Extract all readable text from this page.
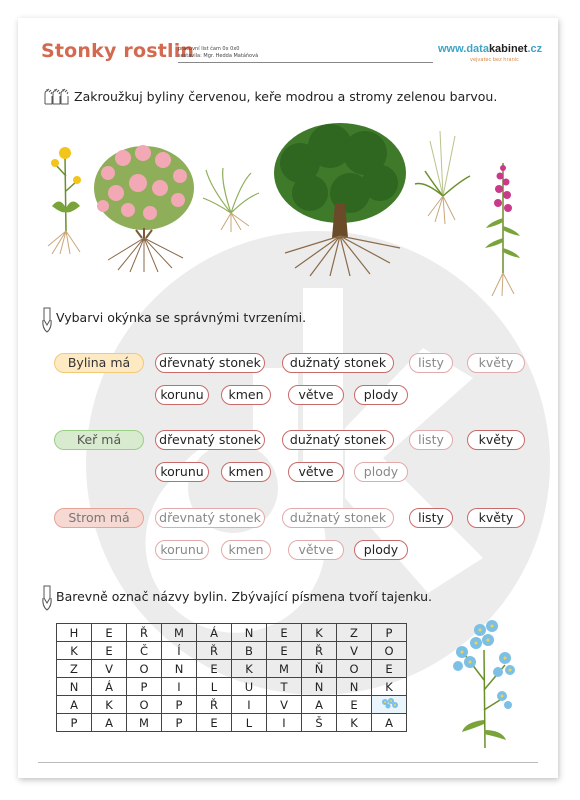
Stonky rostlin
pracovní list čam 0x 0x0
sestavila: Mgr. Hedda Matáňová
www.datakabinet.cz
vejvatec bez hranic
Zakroužkuj byliny červenou, keře modrou a stromy zelenou barvou.
Vybarvi okýnka se správnými tvrzeními.
Bylina má	dřevnatý stonek	dužnatý stonek	listy	květy
korunu	kmen	větve	plody
Keř má	dřevnatý stonek	dužnatý stonek	listy	květy
korunu	kmen	větve	plody
Strom má	dřevnatý stonek	dužnatý stonek	listy	květy
korunu	kmen	větve	plody
Barevně označ názvy bylin. Zbývající písmena tvoří tajenku.
H	E	Ř	M	Á	N	E	K	Z	P
K	E	Č	Í	Ř	B	E	Ř	V	O
Z	V	O	N	E	K	M	Ň	O	E
N	Á	P	I	L	U	T	N	N	K
A	K	O	P	Ř	I	V	A	E	
P	A	M	P	E	L	I	Š	K	A
